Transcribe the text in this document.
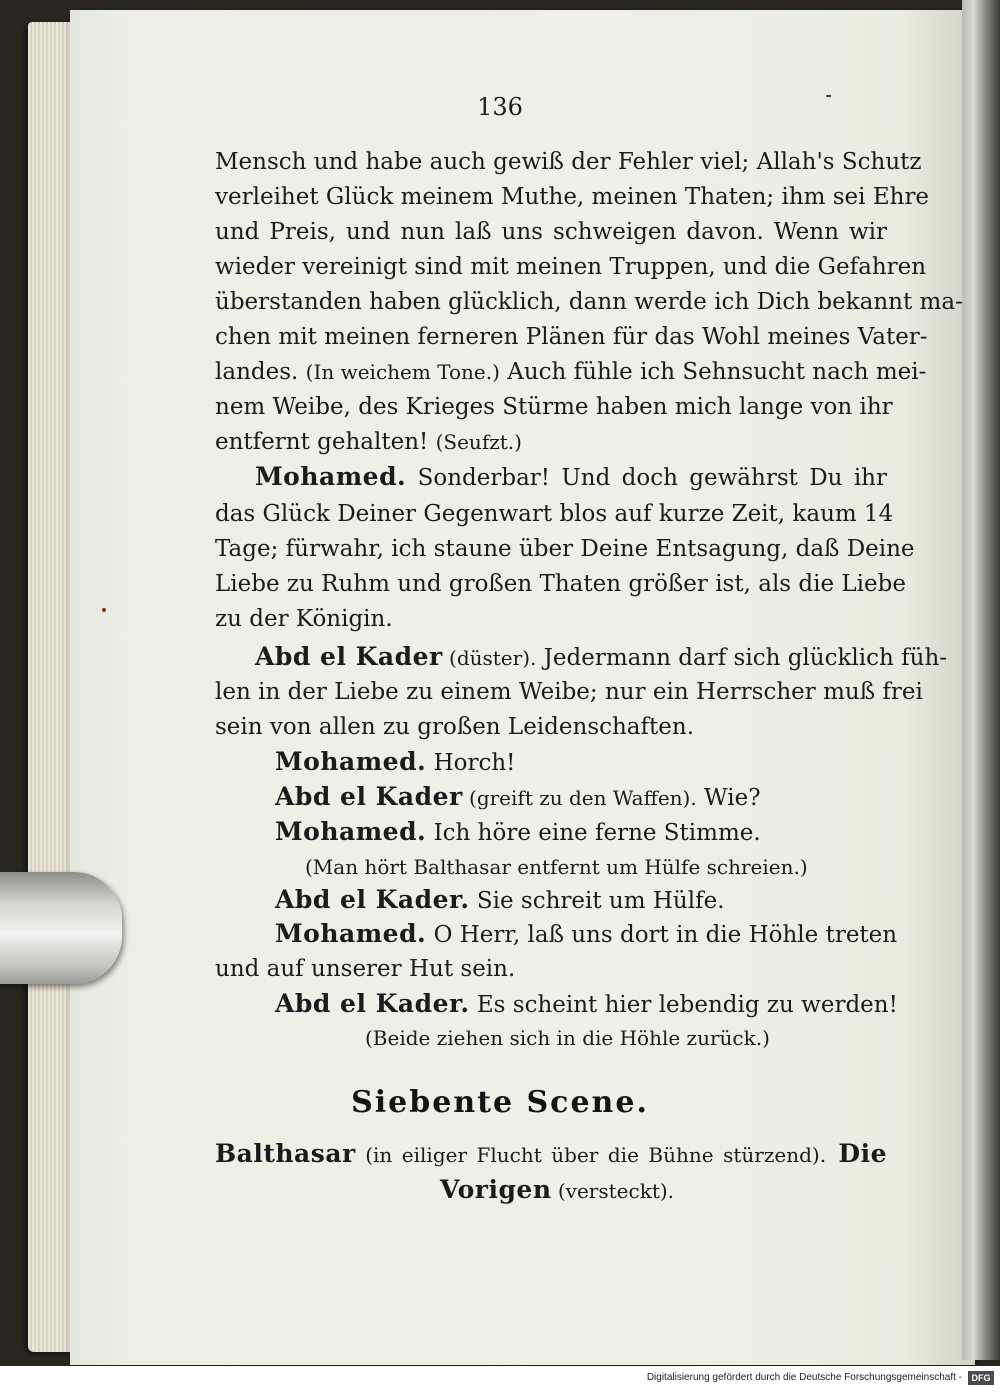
136
Mensch und habe auch gewiß der Fehler viel; Allah's Schutz
verleihet Glück meinem Muthe, meinen Thaten; ihm sei Ehre
und Preis, und nun laß uns schweigen davon. Wenn wir
wieder vereinigt sind mit meinen Truppen, und die Gefahren
überstanden haben glücklich, dann werde ich Dich bekannt ma-
chen mit meinen ferneren Plänen für das Wohl meines Vater-
landes. (In weichem Tone.) Auch fühle ich Sehnsucht nach mei-
nem Weibe, des Krieges Stürme haben mich lange von ihr
entfernt gehalten! (Seufzt.)
Mohamed. Sonderbar! Und doch gewährst Du ihr
das Glück Deiner Gegenwart blos auf kurze Zeit, kaum 14
Tage; fürwahr, ich staune über Deine Entsagung, daß Deine
Liebe zu Ruhm und großen Thaten größer ist, als die Liebe
zu der Königin.
Abd el Kader (düster). Jedermann darf sich glücklich füh-
len in der Liebe zu einem Weibe; nur ein Herrscher muß frei
sein von allen zu großen Leidenschaften.
Mohamed. Horch!
Abd el Kader (greift zu den Waffen). Wie?
Mohamed. Ich höre eine ferne Stimme.
(Man hört Balthasar entfernt um Hülfe schreien.)
Abd el Kader. Sie schreit um Hülfe.
Mohamed. O Herr, laß uns dort in die Höhle treten
und auf unserer Hut sein.
Abd el Kader. Es scheint hier lebendig zu werden!
(Beide ziehen sich in die Höhle zurück.)
Balthasar (in eiliger Flucht über die Bühne stürzend). Die
Vorigen (versteckt).
Siebente Scene.
Digitalisierung gefördert durch die Deutsche Forschungsgemeinschaft -	DFG
